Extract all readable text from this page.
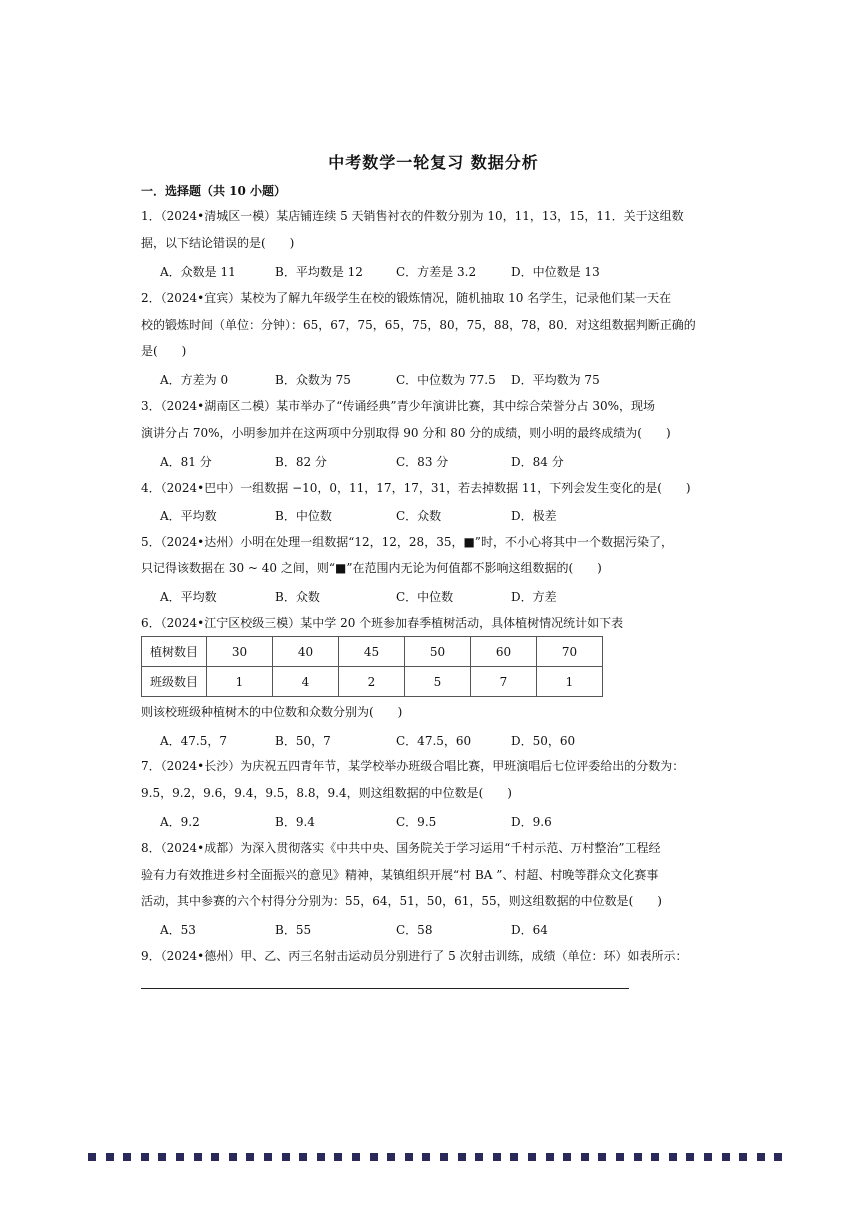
中考数学一轮复习 数据分析
一．选择题（共 10 小题）
1．（2024•清城区一模）某店铺连续 5 天销售衬衣的件数分别为 10，11，13，15，11．关于这组数
据，以下结论错误的是(　　)
A．众数是 11	B．平均数是 12	C．方差是 3.2	D．中位数是 13
2．（2024•宜宾）某校为了解九年级学生在校的锻炼情况，随机抽取 10 名学生，记录他们某一天在
校的锻炼时间（单位：分钟）：65，67，75，65，75，80，75，88，78，80．对这组数据判断正确的
是(　　)
A．方差为 0	B．众数为 75	C．中位数为 77.5 D．平均数为 75
3．（2024•湖南区二模）某市举办了“传诵经典”青少年演讲比赛，其中综合荣誉分占 30%，现场
演讲分占 70%，小明参加并在这两项中分别取得 90 分和 80 分的成绩，则小明的最终成绩为(　　)
A．81 分	B．82 分	C．83 分	D．84 分
4．（2024•巴中）一组数据 −10，0，11，17，17，31，若去掉数据 11，下列会发生变化的是(　　)
A．平均数	B．中位数	C．众数	D．极差
5．（2024•达州）小明在处理一组数据“12，12，28，35，■”时，不小心将其中一个数据污染了，
只记得该数据在 30 ~ 40 之间，则“■”在范围内无论为何值都不影响这组数据的(　　)
A．平均数	B．众数	C．中位数	D．方差
6．（2024•江宁区校级三模）某中学 20 个班参加春季植树活动，具体植树情况统计如下表
植树数目	30	40	45	50	60	70
班级数目	1	4	2	5	7	1
则该校班级种植树木的中位数和众数分别为(　　)
A．47.5，7	B．50，7	C．47.5，60	D．50，60
7．（2024•长沙）为庆祝五四青年节，某学校举办班级合唱比赛，甲班演唱后七位评委给出的分数为：
9.5，9.2，9.6，9.4，9.5，8.8，9.4，则这组数据的中位数是(　　)
A．9.2	B．9.4	C．9.5	D．9.6
8．（2024•成都）为深入贯彻落实《中共中央、国务院关于学习运用“千村示范、万村整治”工程经
验有力有效推进乡村全面振兴的意见》精神，某镇组织开展“村 BA ”、村超、村晚等群众文化赛事
活动，其中参赛的六个村得分分别为：55，64，51，50，61，55，则这组数据的中位数是(　　)
A．53	B．55	C．58	D．64
9．（2024•德州）甲、乙、丙三名射击运动员分别进行了 5 次射击训练，成绩（单位：环）如表所示：
